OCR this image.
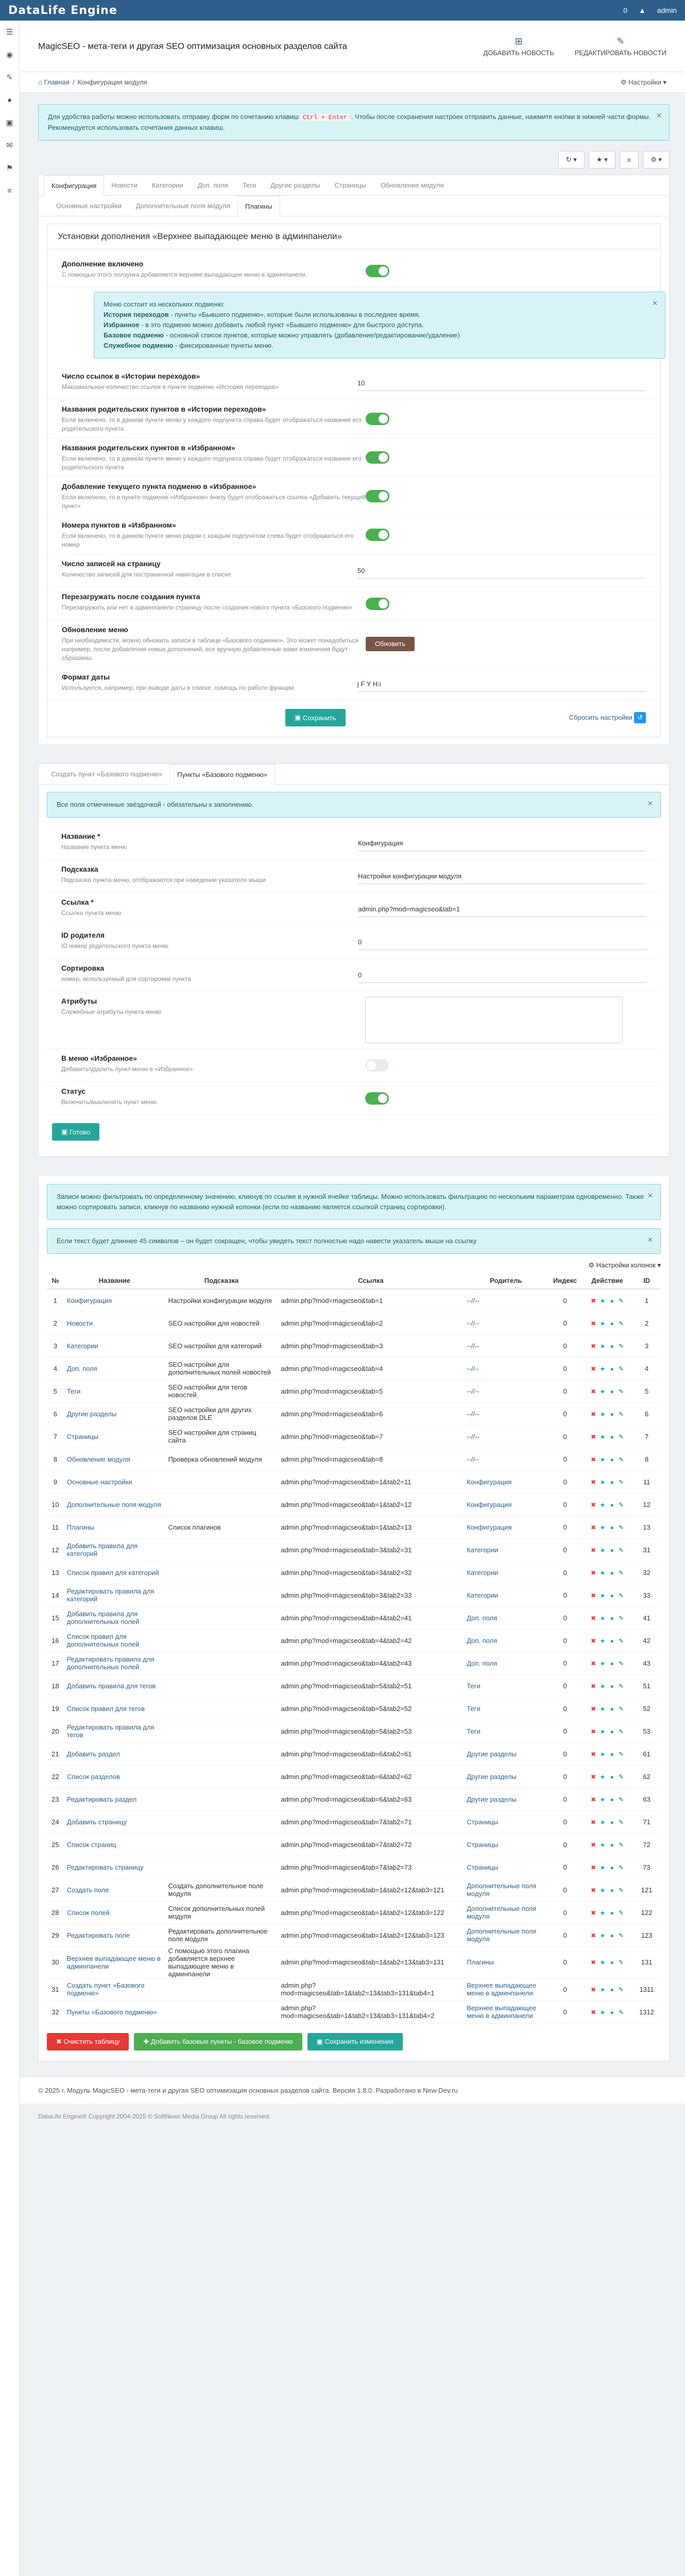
DataLife Engine	0 ▲ admin
☰
◉
✎
●
▣
✉
⚑
≡
MagicSEO - мета-теги и другая SEO оптимизация основных разделов сайта	⊞
ДОБАВИТЬ НОВОСТЬ
✎
РЕДАКТИРОВАТЬ НОВОСТИ
⌂ Главная / Конфигурация модуля	⚙ Настройки ▾
Для удобства работы можно использовать отправку форм по сочетанию клавиш Ctrl + Enter . Чтобы после сохранения настроек отправить данные, нажмите кнопки в нижней части формы. Рекомендуется использовать сочетания данных клавиш.
✕
↻ ▾	★ ▾	≡	⚙ ▾
Конфигурация	Новости	Категории	Доп. поля	Теги	Другие разделы	Страницы	Обновление модуля
Основные настройки	Дополнительные поля модуля	Плагины
Установки дополнения «Верхнее выпадающее меню в админпанели»
Дополнение включено
С помощью этого ползунка добавляется верхнее выпадающее меню в админпанели.
Меню состоит из нескольких подменю:
История переходов - пункты «Бывшего подменю», которые были использованы в последнее время.
Избранное - в это подменю можно добавить любой пункт «Бывшего подменю» для быстрого доступа.
Базовое подменю - основной список пунктов, которые можно управлять (добавление/редактирование/удаление)
Служебное подменю - фиксированные пункты меню.
✕
Число ссылок в «Истории переходов»
Максимальное количество ссылок в пункте подменю «История переходов»
10
Названия родительских пунктов в «Истории переходов»
Если включено, то в данном пункте меню у каждого подпункта справа будет отображаться название его родительского пункта
Названия родительских пунктов в «Избранном»
Если включено, то в данном пункте меню у каждого подпункта справа будет отображаться название его родительского пункта
Добавление текущего пункта подменю в «Избранное»
Если включено, то в пункте подменю «Избранное» внизу будет отображаться ссылка «Добавить текущий пункт»
Номера пунктов в «Избранном»
Если включено, то в данном пункте меню рядом с каждым подпунктом слева будет отображаться его номер
Число записей на страницу
Количество записей для постраничной навигации в списке
50
Перезагружать после создания пункта
Перезагружать или нет в админпанели страницу после создания нового пункта «Базового подменю»
Обновление меню
При необходимости, можно обновить записи в таблице «Базового подменю». Это может понадобиться например, после добавления новых дополнений, все вручную добавленные вами изменения будут сброшены.
Обновить
Формат даты
Используется, например, при выводе даты в списке, помощь по работе функции
j F Y H:i
▣ Сохранить	Сбросить настройки ↺
Создать пункт «Базового подменю»	Пункты «Базового подменю»
Все поля отмеченные звёздочкой - обязательны к заполнению.	✕
Название *
Название пункта меню
Конфигурация
Подсказка
Подсказка пункта меню, отображается при наведении указателя мыши
Настройки конфигурации модуля
Ссылка *
Ссылка пункта меню
admin.php?mod=magicseo&tab=1
ID родителя
ID номер родительского пункта меню
0
Сортировка
номер, используемый для сортировки пункта
0
Атрибуты
Служебные атрибуты пункта меню
В меню «Избранное»
Добавить/удалить пункт меню в «Избранное»
Статус
Включить/выключить пункт меню
▣ Готово
Записи можно фильтровать по определенному значению, кликнув по ссылке в нужной ячейке таблицы. Можно использовать фильтрацию по нескольким параметрам одновременно. Также можно сортировать записи, кликнув по названию нужной колонки (если по названию является ссылкой страниц сортировки).
✕
Если текст будет длиннее 45 символов – он будет сокращен, чтобы увидеть текст полностью надо навести указатель мыши на ссылку	✕
⚙ Настройки колонок ▾
№	Название	Подсказка	Ссылка	Родитель	Индекс	Действие	ID
1	Конфигурация	Настройки конфигурации модуля	admin.php?mod=magicseo&tab=1	--//--	0	✖ ★ ● ✎	1
2	Новости	SEO настройки для новостей	admin.php?mod=magicseo&tab=2	--//--	0	✖ ★ ● ✎	2
3	Категории	SEO настройки для категорий	admin.php?mod=magicseo&tab=3	--//--	0	✖ ★ ● ✎	3
4	Доп. поля	SEO настройки для дополнительных полей новостей	admin.php?mod=magicseo&tab=4	--//--	0	✖ ★ ● ✎	4
5	Теги	SEO настройки для тегов новостей	admin.php?mod=magicseo&tab=5	--//--	0	✖ ★ ● ✎	5
6	Другие разделы	SEO настройки для других разделов DLE	admin.php?mod=magicseo&tab=6	--//--	0	✖ ★ ● ✎	6
7	Страницы	SEO настройки для страниц сайта	admin.php?mod=magicseo&tab=7	--//--	0	✖ ★ ● ✎	7
8	Обновление модуля	Проверка обновлений модуля	admin.php?mod=magicseo&tab=8	--//--	0	✖ ★ ● ✎	8
9	Основные настройки		admin.php?mod=magicseo&tab=1&tab2=11	Конфигурация	0	✖ ★ ● ✎	11
10	Дополнительные поля модуля		admin.php?mod=magicseo&tab=1&tab2=12	Конфигурация	0	✖ ★ ● ✎	12
11	Плагины	Список плагинов	admin.php?mod=magicseo&tab=1&tab2=13	Конфигурация	0	✖ ★ ● ✎	13
12	Добавить правила для категорий		admin.php?mod=magicseo&tab=3&tab2=31	Категории	0	✖ ★ ● ✎	31
13	Список правил для категорий		admin.php?mod=magicseo&tab=3&tab2=32	Категории	0	✖ ★ ● ✎	32
14	Редактировать правила для категорий		admin.php?mod=magicseo&tab=3&tab2=33	Категории	0	✖ ★ ● ✎	33
15	Добавить правила для дополнительных полей		admin.php?mod=magicseo&tab=4&tab2=41	Доп. поля	0	✖ ★ ● ✎	41
16	Список правил для дополнительных полей		admin.php?mod=magicseo&tab=4&tab2=42	Доп. поля	0	✖ ★ ● ✎	42
17	Редактировать правила для дополнительных полей		admin.php?mod=magicseo&tab=4&tab2=43	Доп. поля	0	✖ ★ ● ✎	43
18	Добавить правила для тегов		admin.php?mod=magicseo&tab=5&tab2=51	Теги	0	✖ ★ ● ✎	51
19	Список правил для тегов		admin.php?mod=magicseo&tab=5&tab2=52	Теги	0	✖ ★ ● ✎	52
20	Редактировать правила для тегов		admin.php?mod=magicseo&tab=5&tab2=53	Теги	0	✖ ★ ● ✎	53
21	Добавить раздел		admin.php?mod=magicseo&tab=6&tab2=61	Другие разделы	0	✖ ★ ● ✎	61
22	Список разделов		admin.php?mod=magicseo&tab=6&tab2=62	Другие разделы	0	✖ ★ ● ✎	62
23	Редактировать раздел		admin.php?mod=magicseo&tab=6&tab2=63	Другие разделы	0	✖ ★ ● ✎	63
24	Добавить страницу		admin.php?mod=magicseo&tab=7&tab2=71	Страницы	0	✖ ★ ● ✎	71
25	Список страниц		admin.php?mod=magicseo&tab=7&tab2=72	Страницы	0	✖ ★ ● ✎	72
26	Редактировать страницу		admin.php?mod=magicseo&tab=7&tab2=73	Страницы	0	✖ ★ ● ✎	73
27	Создать поле	Создать дополнительное поле модуля	admin.php?mod=magicseo&tab=1&tab2=12&tab3=121	Дополнительные поля модуля	0	✖ ★ ● ✎	121
28	Список полей	Список дополнительных полей модуля	admin.php?mod=magicseo&tab=1&tab2=12&tab3=122	Дополнительные поля модуля	0	✖ ★ ● ✎	122
29	Редактировать поле	Редактировать дополнительное поле модуля	admin.php?mod=magicseo&tab=1&tab2=12&tab3=123	Дополнительные поля модуля	0	✖ ★ ● ✎	123
30	Верхнее выпадающее меню в админпанели	С помощью этого плагина добавляется верхнее выпадающее меню в админпанели	admin.php?mod=magicseo&tab=1&tab2=13&tab3=131	Плагины	0	✖ ★ ● ✎	131
31	Создать пункт «Базового подменю»		admin.php?mod=magicseo&tab=1&tab2=13&tab3=131&tab4=1	Верхнее выпадающее меню в админпанели	0	✖ ★ ● ✎	1311
32	Пункты «Базового подменю»		admin.php?mod=magicseo&tab=1&tab2=13&tab3=131&tab4=2	Верхнее выпадающее меню в админпанели	0	✖ ★ ● ✎	1312
✖ Очистить таблицу	✚ Добавить базовые пункты - базовое подменю	▣ Сохранить изменения
© 2025 г. Модуль MagicSEO - мета-теги и другая SEO оптимизация основных разделов сайта. Версия 1.8.0. Разработано в New-Dev.ru
DataLife Engine® Copyright 2004-2025 © SoftNews Media Group All rights reserved.
